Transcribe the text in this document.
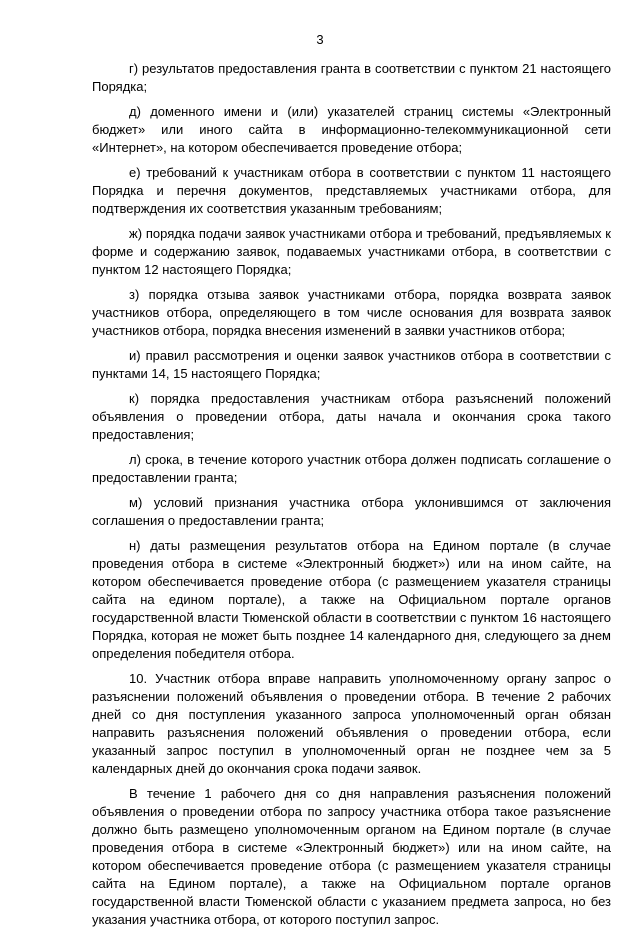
3

г) результатов предоставления гранта в соответствии с пунктом 21 настоящего Порядка;

д) доменного имени и (или) указателей страниц системы «Электронный бюджет» или иного сайта в информационно-телекоммуникационной сети «Интернет», на котором обеспечивается проведение отбора;

е) требований к участникам отбора в соответствии с пунктом 11 настоящего Порядка и перечня документов, представляемых участниками отбора, для подтверждения их соответствия указанным требованиям;

ж) порядка подачи заявок участниками отбора и требований, предъявляемых к форме и содержанию заявок, подаваемых участниками отбора, в соответствии с пунктом 12 настоящего Порядка;

з) порядка отзыва заявок участниками отбора, порядка возврата заявок участников отбора, определяющего в том числе основания для возврата заявок участников отбора, порядка внесения изменений в заявки участников отбора;

и) правил рассмотрения и оценки заявок участников отбора в соответствии с пунктами 14, 15 настоящего Порядка;

к) порядка предоставления участникам отбора разъяснений положений объявления о проведении отбора, даты начала и окончания срока такого предоставления;

л) срока, в течение которого участник отбора должен подписать соглашение о предоставлении гранта;

м) условий признания участника отбора уклонившимся от заключения соглашения о предоставлении гранта;

н) даты размещения результатов отбора на Едином портале (в случае проведения отбора в системе «Электронный бюджет») или на ином сайте, на котором обеспечивается проведение отбора (с размещением указателя страницы сайта на едином портале), а также на Официальном портале органов государственной власти Тюменской области в соответствии с пунктом 16 настоящего Порядка, которая не может быть позднее 14 календарного дня, следующего за днем определения победителя отбора.

10. Участник отбора вправе направить уполномоченному органу запрос о разъяснении положений объявления о проведении отбора. В течение 2 рабочих дней со дня поступления указанного запроса уполномоченный орган обязан направить разъяснения положений объявления о проведении отбора, если указанный запрос поступил в уполномоченный орган не позднее чем за 5 календарных дней до окончания срока подачи заявок.

В течение 1 рабочего дня со дня направления разъяснения положений объявления о проведении отбора по запросу участника отбора такое разъяснение должно быть размещено уполномоченным органом на Едином портале (в случае проведения отбора в системе «Электронный бюджет») или на ином сайте, на котором обеспечивается проведение отбора (с размещением указателя страницы сайта на Едином портале), а также на Официальном портале органов государственной власти Тюменской области с указанием предмета запроса, но без указания участника отбора, от которого поступил запрос.
